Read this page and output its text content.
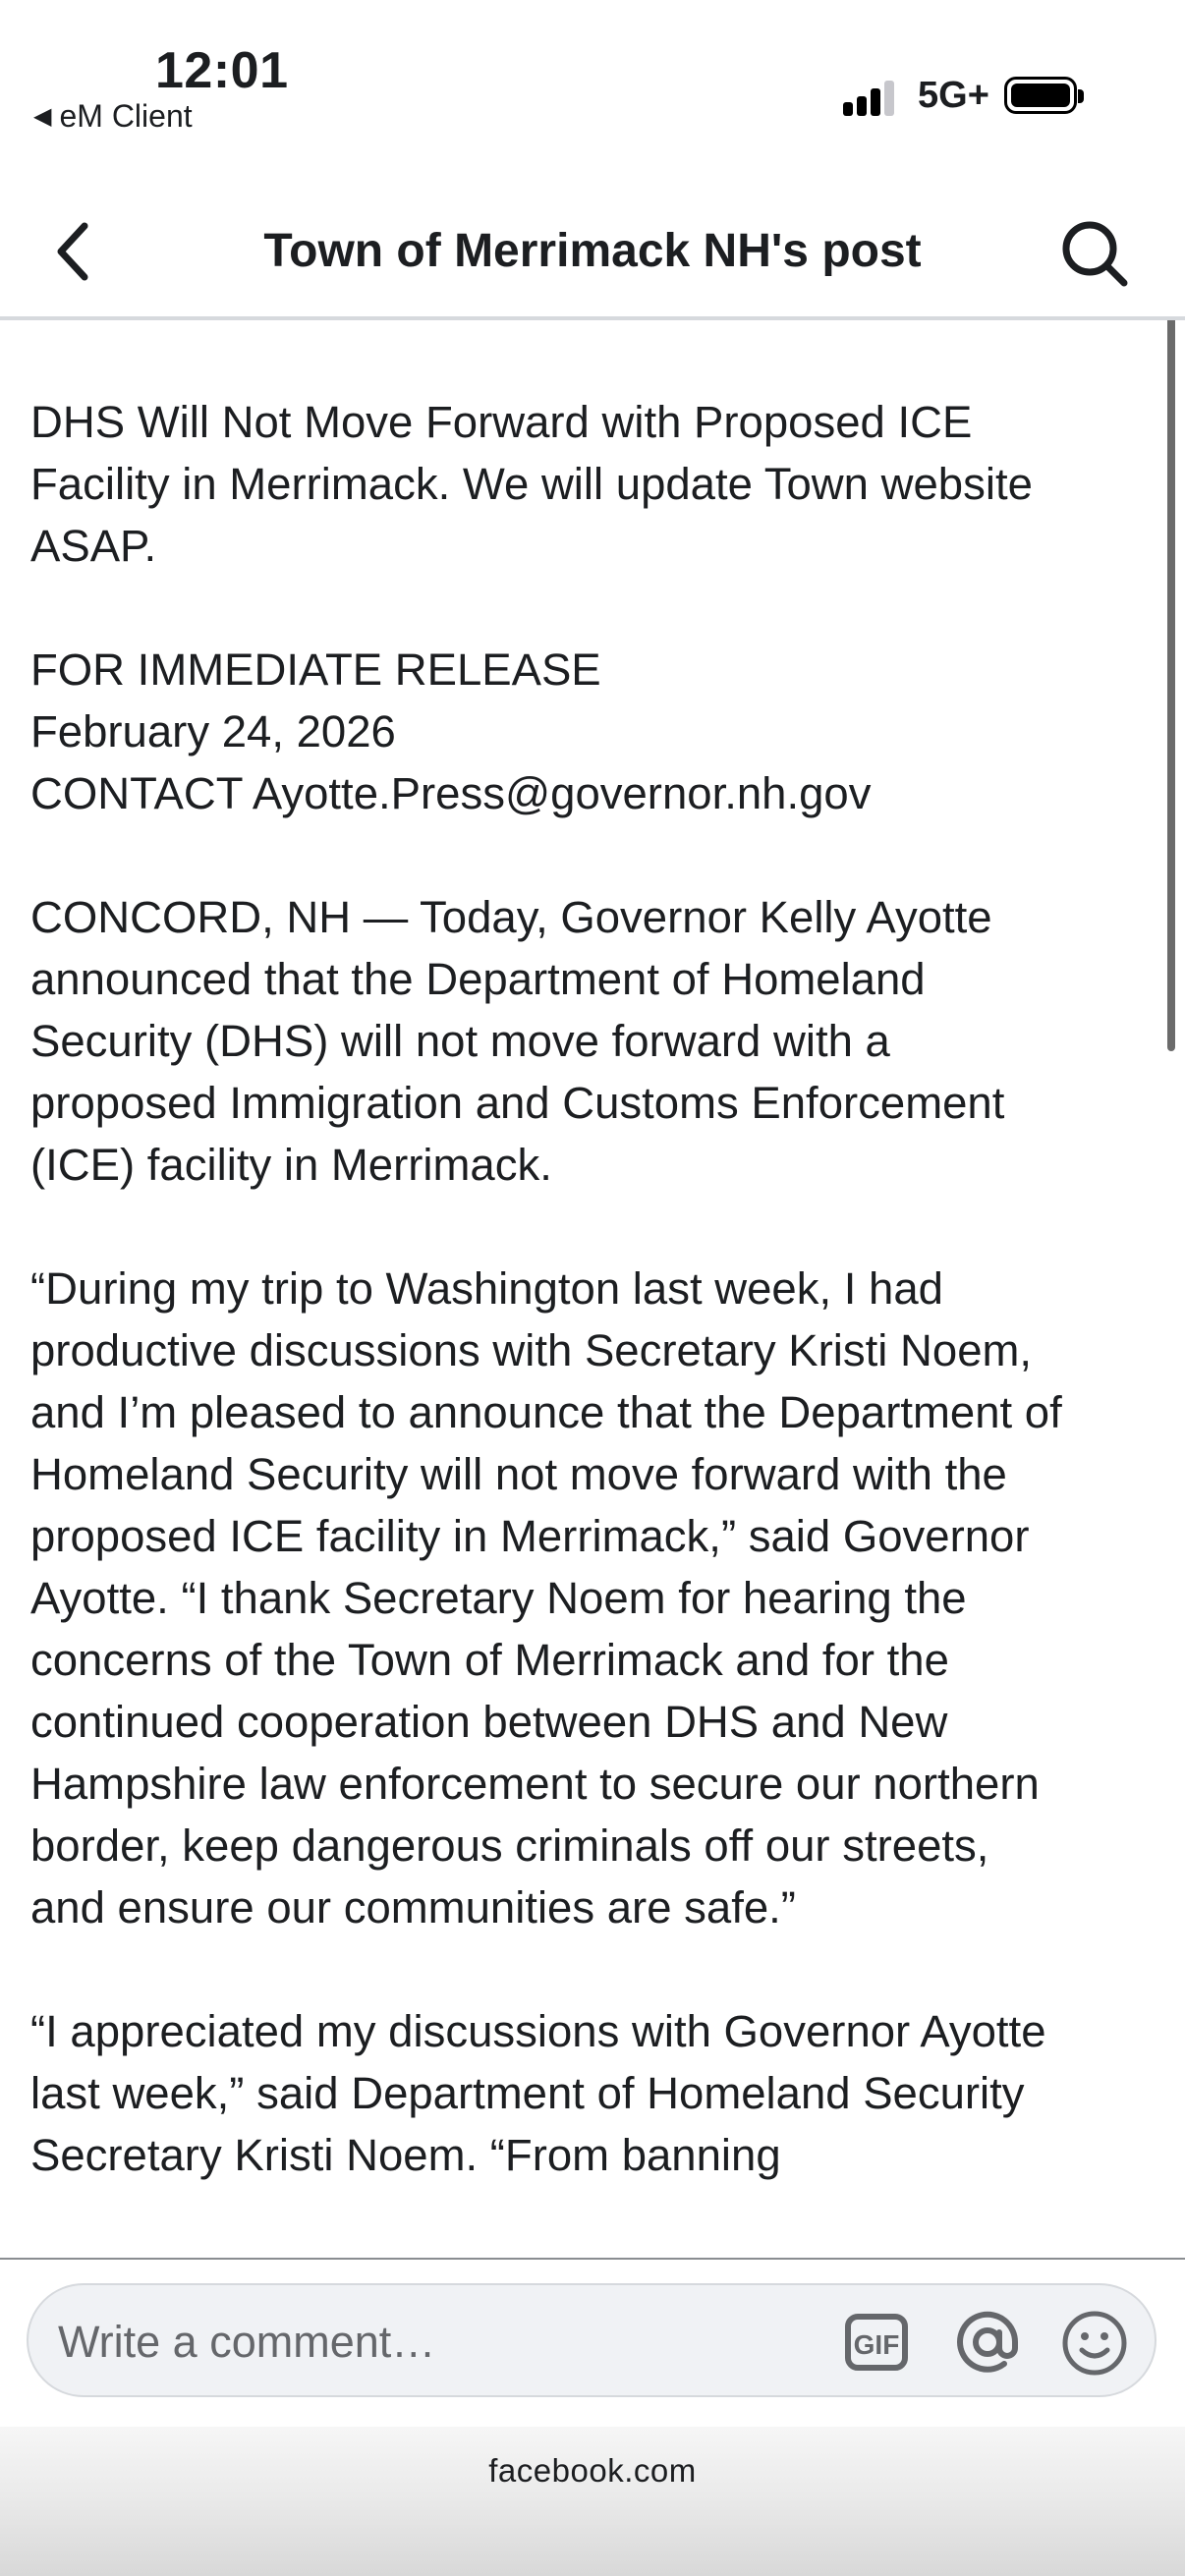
12:01
◀ eM Client	5G+
Town of Merrimack NH's post

DHS Will Not Move Forward with Proposed ICE Facility in Merrimack. We will update Town website ASAP.

FOR IMMEDIATE RELEASE
February 24, 2026
CONTACT Ayotte.Press@governor.nh.gov

CONCORD, NH — Today, Governor Kelly Ayotte announced that the Department of Homeland Security (DHS) will not move forward with a proposed Immigration and Customs Enforcement (ICE) facility in Merrimack.

“During my trip to Washington last week, I had productive discussions with Secretary Kristi Noem, and I’m pleased to announce that the Department of Homeland Security will not move forward with the proposed ICE facility in Merrimack,” said Governor Ayotte. “I thank Secretary Noem for hearing the concerns of the Town of Merrimack and for the continued cooperation between DHS and New Hampshire law enforcement to secure our northern border, keep dangerous criminals off our streets, and ensure our communities are safe.”

“I appreciated my discussions with Governor Ayotte last week,” said Department of Homeland Security Secretary Kristi Noem. “From banning

Write a comment…
GIF
facebook.com
